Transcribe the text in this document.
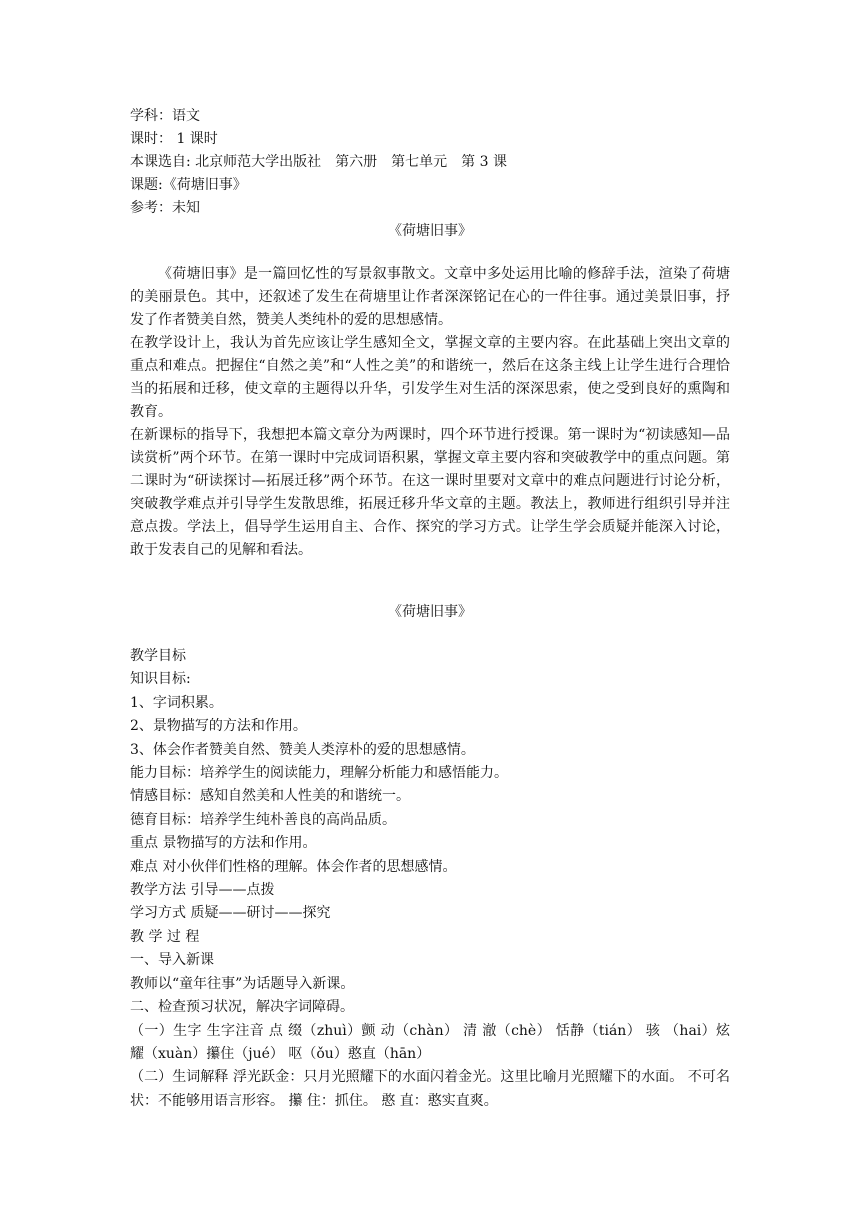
学科：语文
课时： 1 课时
本课选自: 北京师范大学出版社　第六册　第七单元　第 3 课
课题:《荷塘旧事》
参考：未知
《荷塘旧事》
《荷塘旧事》是一篇回忆性的写景叙事散文。文章中多处运用比喻的修辞手法，渲染了荷塘的美丽景色。其中，还叙述了发生在荷塘里让作者深深铭记在心的一件往事。通过美景旧事，抒发了作者赞美自然，赞美人类纯朴的爱的思想感情。
在教学设计上，我认为首先应该让学生感知全文，掌握文章的主要内容。在此基础上突出文章的重点和难点。把握住“自然之美”和“人性之美”的和谐统一，然后在这条主线上让学生进行合理恰当的拓展和迁移，使文章的主题得以升华，引发学生对生活的深深思索，使之受到良好的熏陶和教育。
在新课标的指导下，我想把本篇文章分为两课时，四个环节进行授课。第一课时为“初读感知—品读赏析”两个环节。在第一课时中完成词语积累，掌握文章主要内容和突破教学中的重点问题。第二课时为“研读探讨—拓展迁移”两个环节。在这一课时里要对文章中的难点问题进行讨论分析，突破教学难点并引导学生发散思维，拓展迁移升华文章的主题。教法上，教师进行组织引导并注意点拨。学法上，倡导学生运用自主、合作、探究的学习方式。让学生学会质疑并能深入讨论，敢于发表自己的见解和看法。
《荷塘旧事》
教学目标
知识目标:
1、字词积累。
2、景物描写的方法和作用。
3、体会作者赞美自然、赞美人类淳朴的爱的思想感情。
能力目标：培养学生的阅读能力，理解分析能力和感悟能力。
情感目标：感知自然美和人性美的和谐统一。
德育目标：培养学生纯朴善良的高尚品质。
重点 景物描写的方法和作用。
难点 对小伙伴们性格的理解。体会作者的思想感情。
教学方法 引导——点拨
学习方式 质疑——研讨——探究
教 学 过 程
一、导入新课
教师以“童年往事”为话题导入新课。
二、检查预习状况，解决字词障碍。
（一）生字 生字注音 点 缀（zhuì）颤 动（chàn） 清 澈（chè） 恬静（tián） 骇 （hai）炫 耀（xuàn）攥住（jué） 呕（ǒu）憨直（hān）
（二）生词解释 浮光跃金：只月光照耀下的水面闪着金光。这里比喻月光照耀下的水面。 不可名状：不能够用语言形容。 攥 住：抓住。 憨 直：憨实直爽。
